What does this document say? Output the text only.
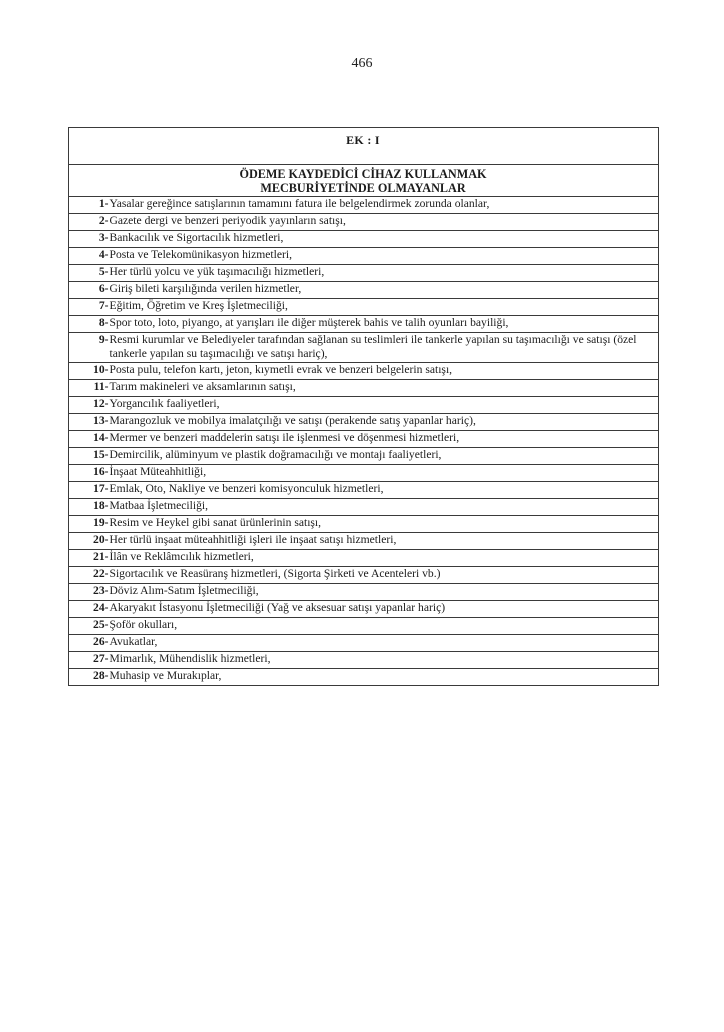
466
EK : I	

ÖDEME KAYDEDİCİ CİHAZ KULLANMAK
MECBURİYETİNDE OLMAYANLAR	

1-	Yasalar gereğince satışlarının tamamını fatura ile belgelendirmek zorunda olanlar,
2-	Gazete dergi ve benzeri periyodik yayınların satışı,
3-	Bankacılık ve Sigortacılık hizmetleri,
4-	Posta ve Telekomünikasyon hizmetleri,
5-	Her türlü yolcu ve yük taşımacılığı hizmetleri,
6-	Giriş bileti karşılığında verilen hizmetler,
7-	Eğitim, Öğretim ve Kreş İşletmeciliği,
8-	Spor toto, loto, piyango, at yarışları ile diğer müşterek bahis ve talih oyunları bayiliği,
9-	Resmi kurumlar ve Belediyeler tarafından sağlanan su teslimleri ile tankerle yapılan su taşımacılığı ve satışı (özel tankerle yapılan su taşımacılığı ve satışı hariç),
10-	Posta pulu, telefon kartı, jeton, kıymetli evrak ve benzeri belgelerin satışı,
11-	Tarım makineleri ve aksamlarının satışı,
12-	Yorgancılık faaliyetleri,
13-	Marangozluk ve mobilya imalatçılığı ve satışı (perakende satış yapanlar hariç),
14-	Mermer ve benzeri maddelerin satışı ile işlenmesi ve döşenmesi hizmetleri,
15-	Demircilik, alüminyum ve plastik doğramacılığı ve montajı faaliyetleri,
16-	İnşaat Müteahhitliği,
17-	Emlak, Oto, Nakliye ve benzeri komisyonculuk hizmetleri,
18-	Matbaa İşletmeciliği,
19-	Resim ve Heykel gibi sanat ürünlerinin satışı,
20-	Her türlü inşaat müteahhitliği işleri ile inşaat satışı hizmetleri,
21-	İlân ve Reklâmcılık hizmetleri,
22-	Sigortacılık ve Reasüranş hizmetleri, (Sigorta Şirketi ve Acenteleri vb.)
23-	Döviz Alım-Satım İşletmeciliği,
24-	Akaryakıt İstasyonu İşletmeciliği (Yağ ve aksesuar satışı yapanlar hariç)
25-	Şoför okulları,
26-	Avukatlar,
27-	Mimarlık, Mühendislik hizmetleri,
28-	Muhasip ve Murakıplar,
